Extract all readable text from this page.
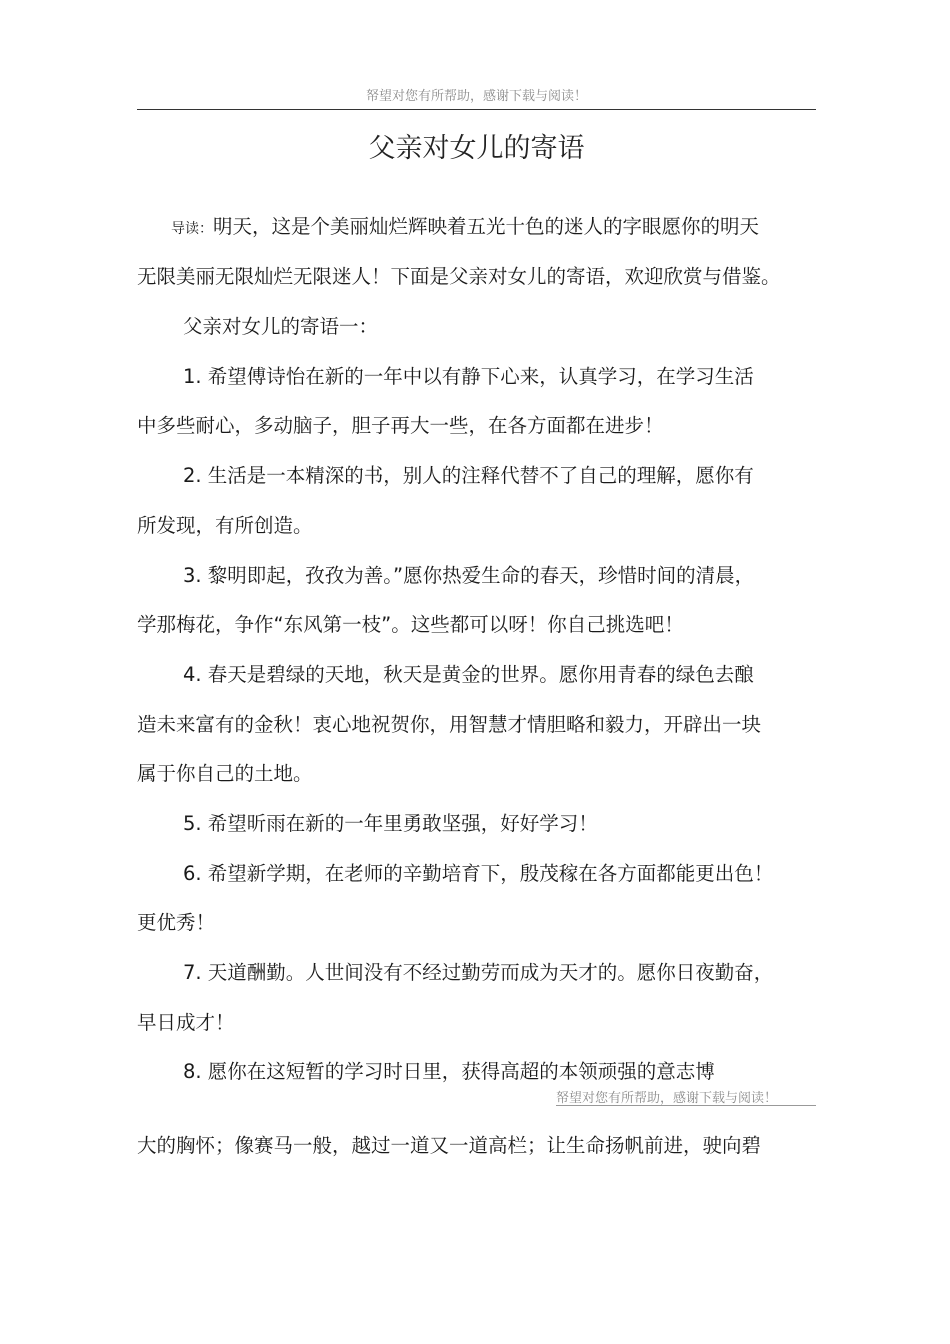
帑望对您有所帮助，感谢下载与阅读！
父亲对女儿的寄语
导读：明天，这是个美丽灿烂辉映着五光十色的迷人的字眼愿你的明天
无限美丽无限灿烂无限迷人！下面是父亲对女儿的寄语，欢迎欣赏与借鉴。
父亲对女儿的寄语一：
1. 希望傅诗怡在新的一年中以有静下心来，认真学习，在学习生活
中多些耐心，多动脑子，胆子再大一些，在各方面都在进步！
2. 生活是一本精深的书，别人的注释代替不了自己的理解，愿你有
所发现，有所创造。
3. 黎明即起，孜孜为善。”愿你热爱生命的春天，珍惜时间的清晨，
学那梅花，争作“东风第一枝”。这些都可以呀！你自己挑选吧！
4. 春天是碧绿的天地，秋天是黄金的世界。愿你用青春的绿色去酿
造未来富有的金秋！衷心地祝贺你，用智慧才情胆略和毅力，开辟出一块
属于你自己的土地。
5. 希望昕雨在新的一年里勇敢坚强，好好学习！
6. 希望新学期，在老师的辛勤培育下，殷茂稼在各方面都能更出色！
更优秀！
7. 天道酬勤。人世间没有不经过勤劳而成为天才的。愿你日夜勤奋，
早日成才！
8. 愿你在这短暂的学习时日里，获得高超的本领顽强的意志博
帑望对您有所帮助，感谢下载与阅读！
大的胸怀；像赛马一般，越过一道又一道高栏；让生命扬帆前进，驶向碧
